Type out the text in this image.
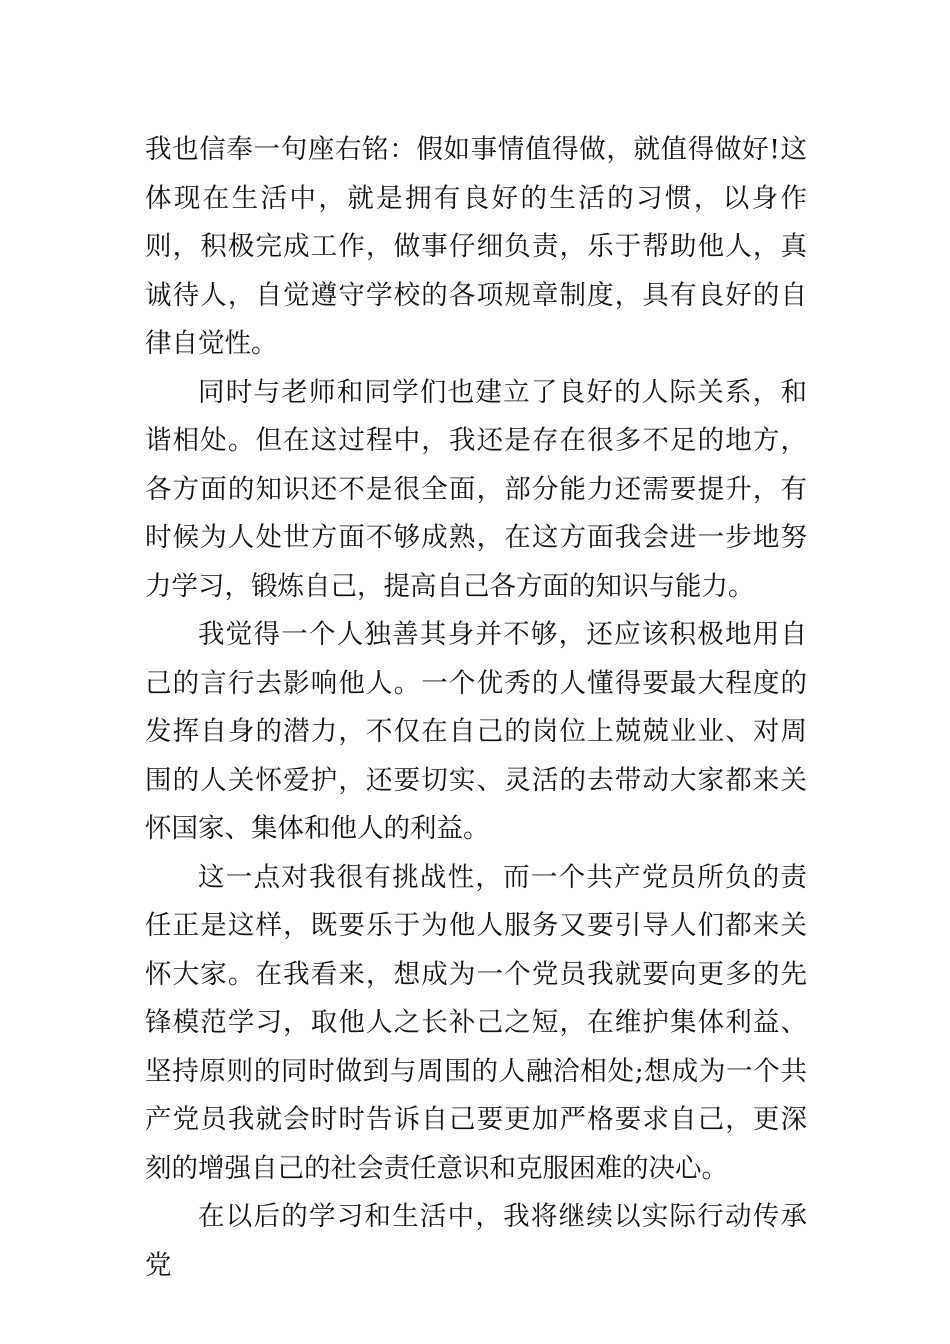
我也信奉一句座右铭：假如事情值得做，就值得做好!这体现在生活中，就是拥有良好的生活的习惯，以身作则，积极完成工作，做事仔细负责，乐于帮助他人，真诚待人，自觉遵守学校的各项规章制度，具有良好的自律自觉性。

同时与老师和同学们也建立了良好的人际关系，和谐相处。但在这过程中，我还是存在很多不足的地方，各方面的知识还不是很全面，部分能力还需要提升，有时候为人处世方面不够成熟，在这方面我会进一步地努力学习，锻炼自己，提高自己各方面的知识与能力。

我觉得一个人独善其身并不够，还应该积极地用自己的言行去影响他人。一个优秀的人懂得要最大程度的发挥自身的潜力，不仅在自己的岗位上兢兢业业、对周围的人关怀爱护，还要切实、灵活的去带动大家都来关怀国家、集体和他人的利益。

这一点对我很有挑战性，而一个共产党员所负的责任正是这样，既要乐于为他人服务又要引导人们都来关怀大家。在我看来，想成为一个党员我就要向更多的先锋模范学习，取他人之长补己之短，在维护集体利益、坚持原则的同时做到与周围的人融洽相处;想成为一个共产党员我就会时时告诉自己要更加严格要求自己，更深刻的增强自己的社会责任意识和克服困难的决心。

在以后的学习和生活中，我将继续以实际行动传承党
